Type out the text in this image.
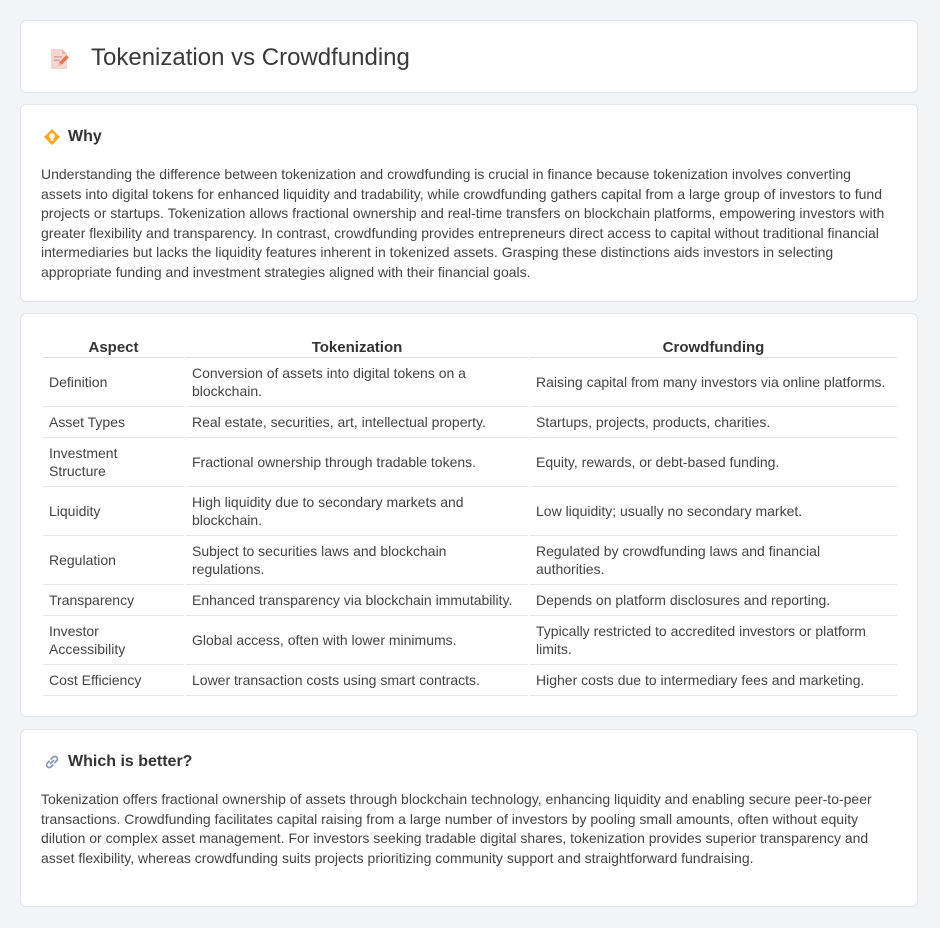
Tokenization vs Crowdfunding
Why

Understanding the difference between tokenization and crowdfunding is crucial in finance because tokenization involves converting assets into digital tokens for enhanced liquidity and tradability, while crowdfunding gathers capital from a large group of investors to fund projects or startups. Tokenization allows fractional ownership and real-time transfers on blockchain platforms, empowering investors with greater flexibility and transparency. In contrast, crowdfunding provides entrepreneurs direct access to capital without traditional financial intermediaries but lacks the liquidity features inherent in tokenized assets. Grasping these distinctions aids investors in selecting appropriate funding and investment strategies aligned with their financial goals.

Aspect	Tokenization	Crowdfunding
Definition	Conversion of assets into digital tokens on a blockchain.	Raising capital from many investors via online platforms.
Asset Types	Real estate, securities, art, intellectual property.	Startups, projects, products, charities.
Investment Structure	Fractional ownership through tradable tokens.	Equity, rewards, or debt-based funding.
Liquidity	High liquidity due to secondary markets and blockchain.	Low liquidity; usually no secondary market.
Regulation	Subject to securities laws and blockchain regulations.	Regulated by crowdfunding laws and financial authorities.
Transparency	Enhanced transparency via blockchain immutability.	Depends on platform disclosures and reporting.
Investor Accessibility	Global access, often with lower minimums.	Typically restricted to accredited investors or platform limits.
Cost Efficiency	Lower transaction costs using smart contracts.	Higher costs due to intermediary fees and marketing.
Which is better?

Tokenization offers fractional ownership of assets through blockchain technology, enhancing liquidity and enabling secure peer-to-peer transactions. Crowdfunding facilitates capital raising from a large number of investors by pooling small amounts, often without equity dilution or complex asset management. For investors seeking tradable digital shares, tokenization provides superior transparency and asset flexibility, whereas crowdfunding suits projects prioritizing community support and straightforward fundraising.
